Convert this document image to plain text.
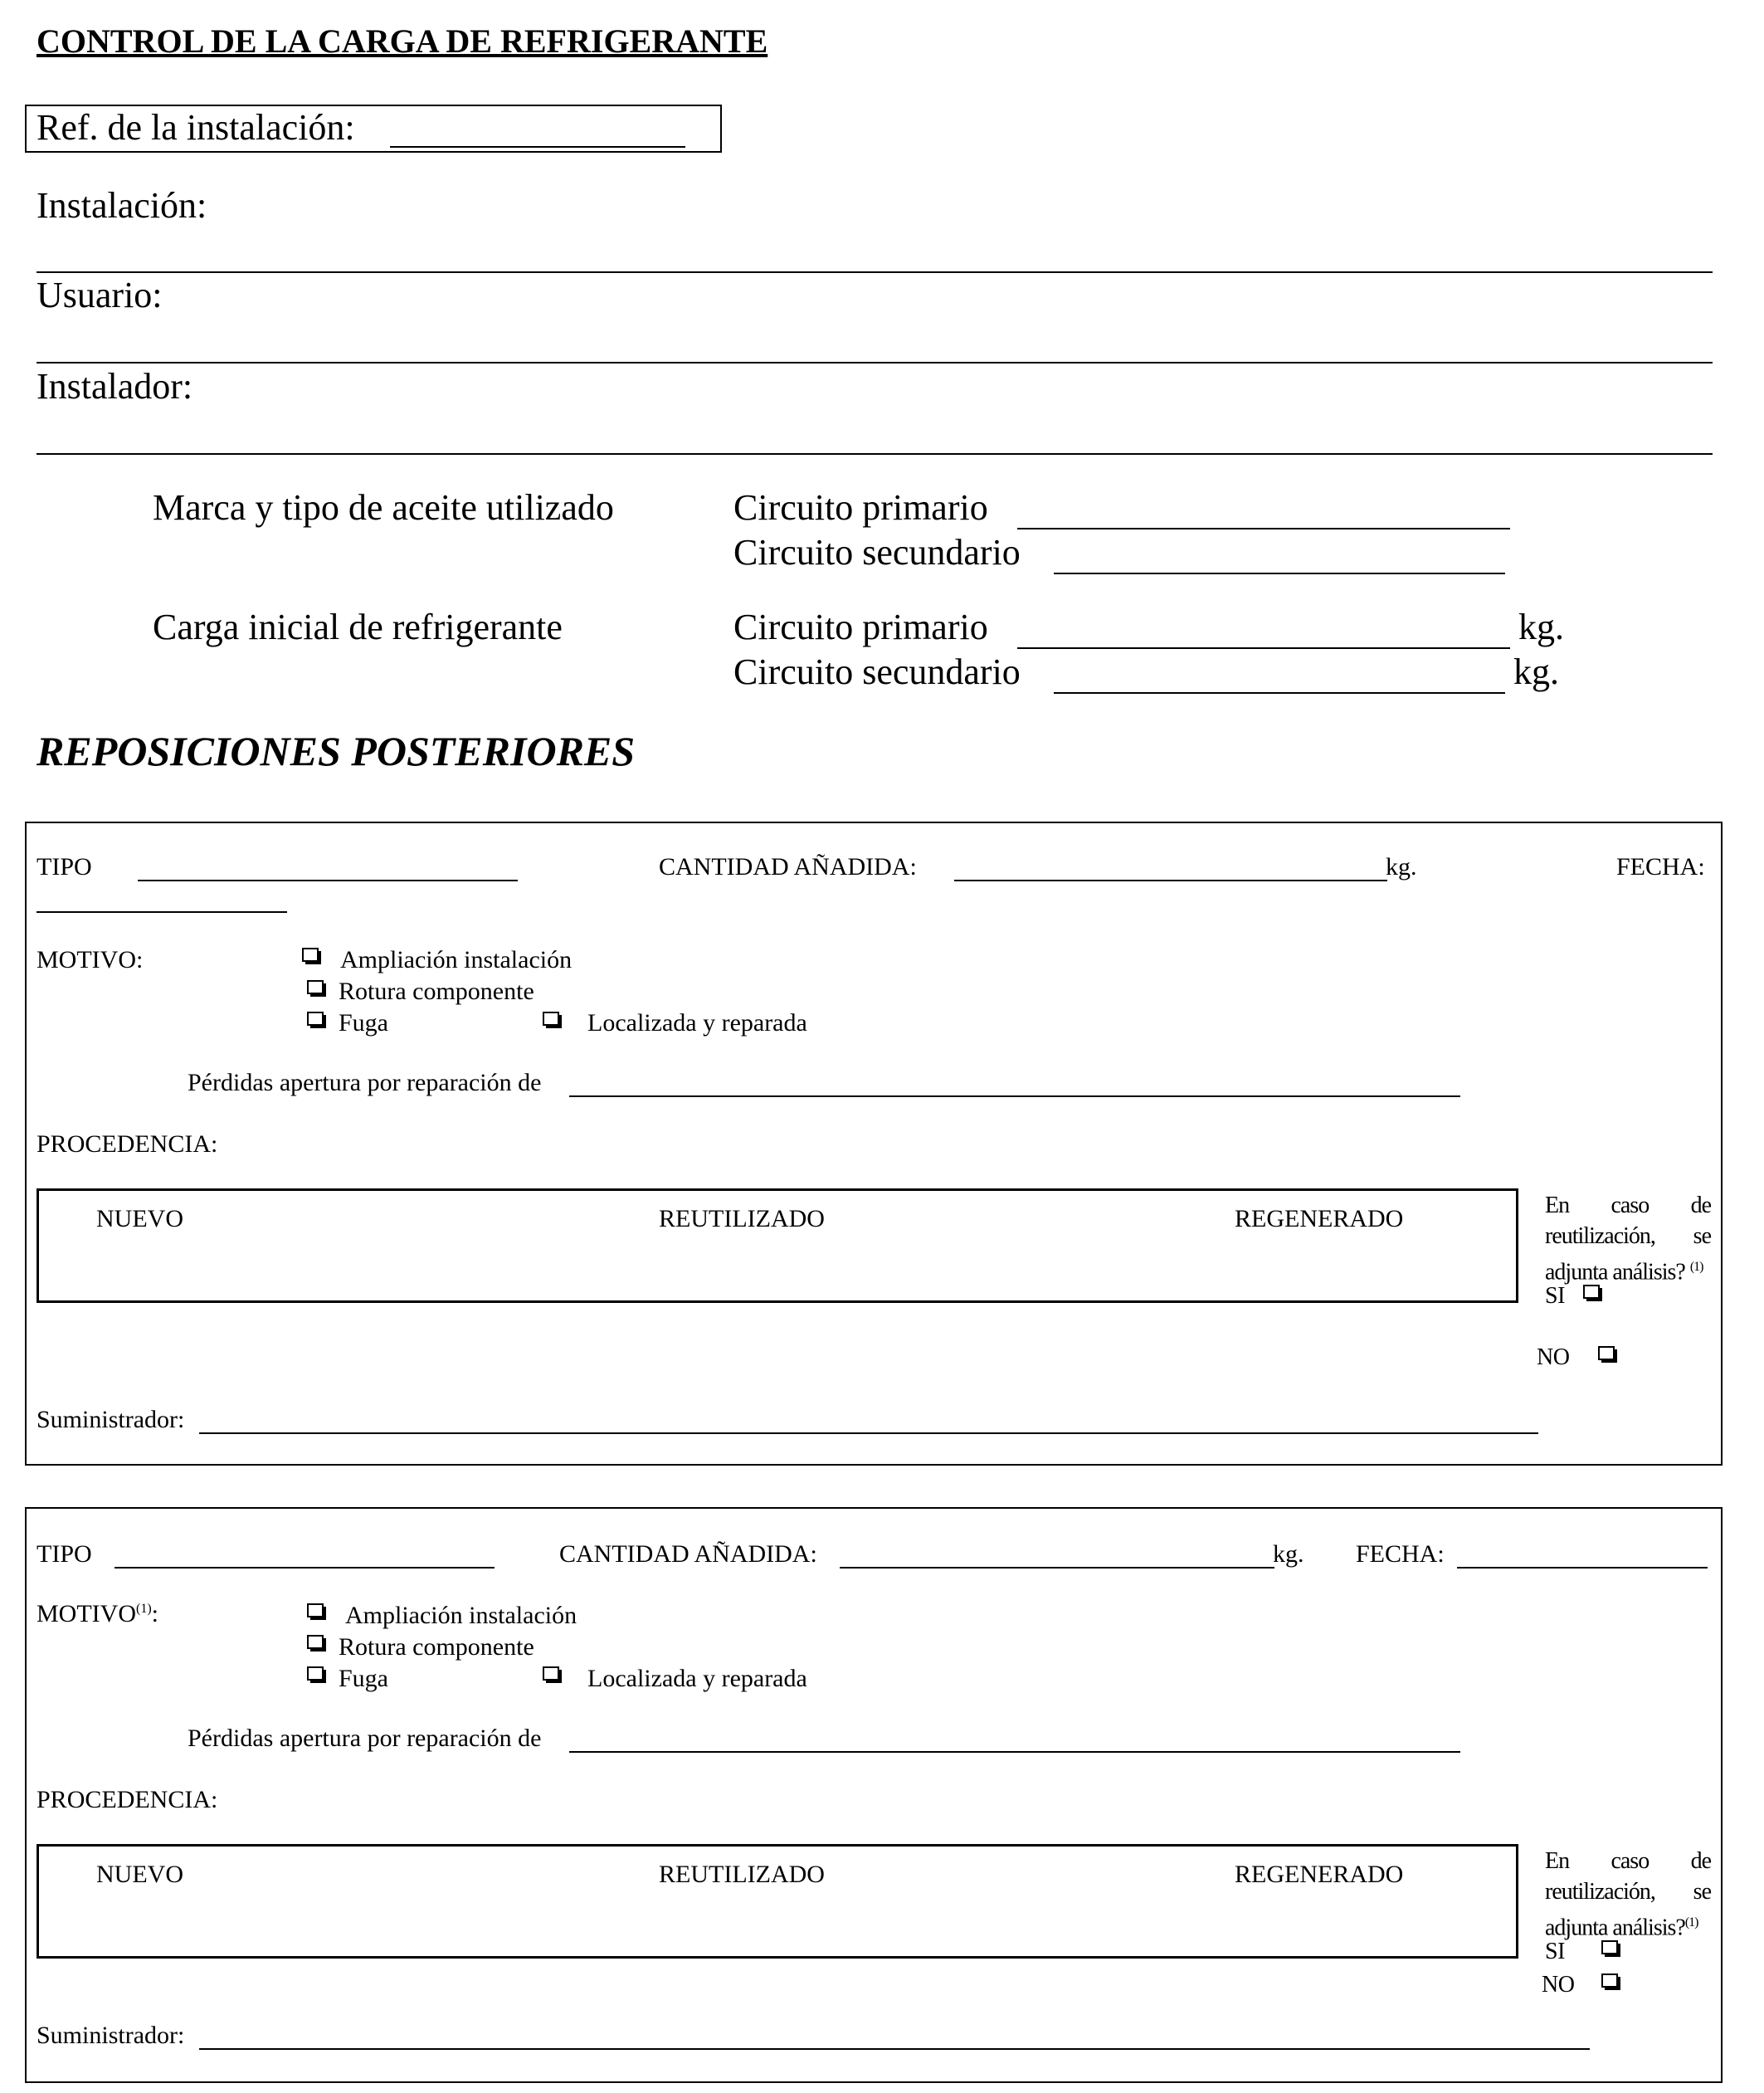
CONTROL DE LA CARGA DE REFRIGERANTE
Ref. de la instalación:
Instalación:
Usuario:
Instalador:
Marca y tipo de aceite utilizado	Circuito primario
Circuito secundario
Carga inicial de refrigerante	Circuito primario	kg.
Circuito secundario	kg.
REPOSICIONES POSTERIORES
TIPO	CANTIDAD AÑADIDA:	kg.	FECHA:
MOTIVO:	Ampliación instalación
Rotura componente
Fuga	Localizada y reparada
Pérdidas apertura por reparación de
PROCEDENCIA:
NUEVO	REUTILIZADO	REGENERADO	En caso de
reutilización, se
adjunta análisis? $^{(1)}$
SI
NO
Suministrador:
TIPO	CANTIDAD AÑADIDA:	kg. FECHA:
MOTIVO$^{(1)}$:	Ampliación instalación
Rotura componente
Fuga	Localizada y reparada
Pérdidas apertura por reparación de
PROCEDENCIA:
NUEVO	REUTILIZADO	REGENERADO	En caso de
reutilización, se
adjunta análisis?$^{(1)}$
SI
NO
Suministrador:
